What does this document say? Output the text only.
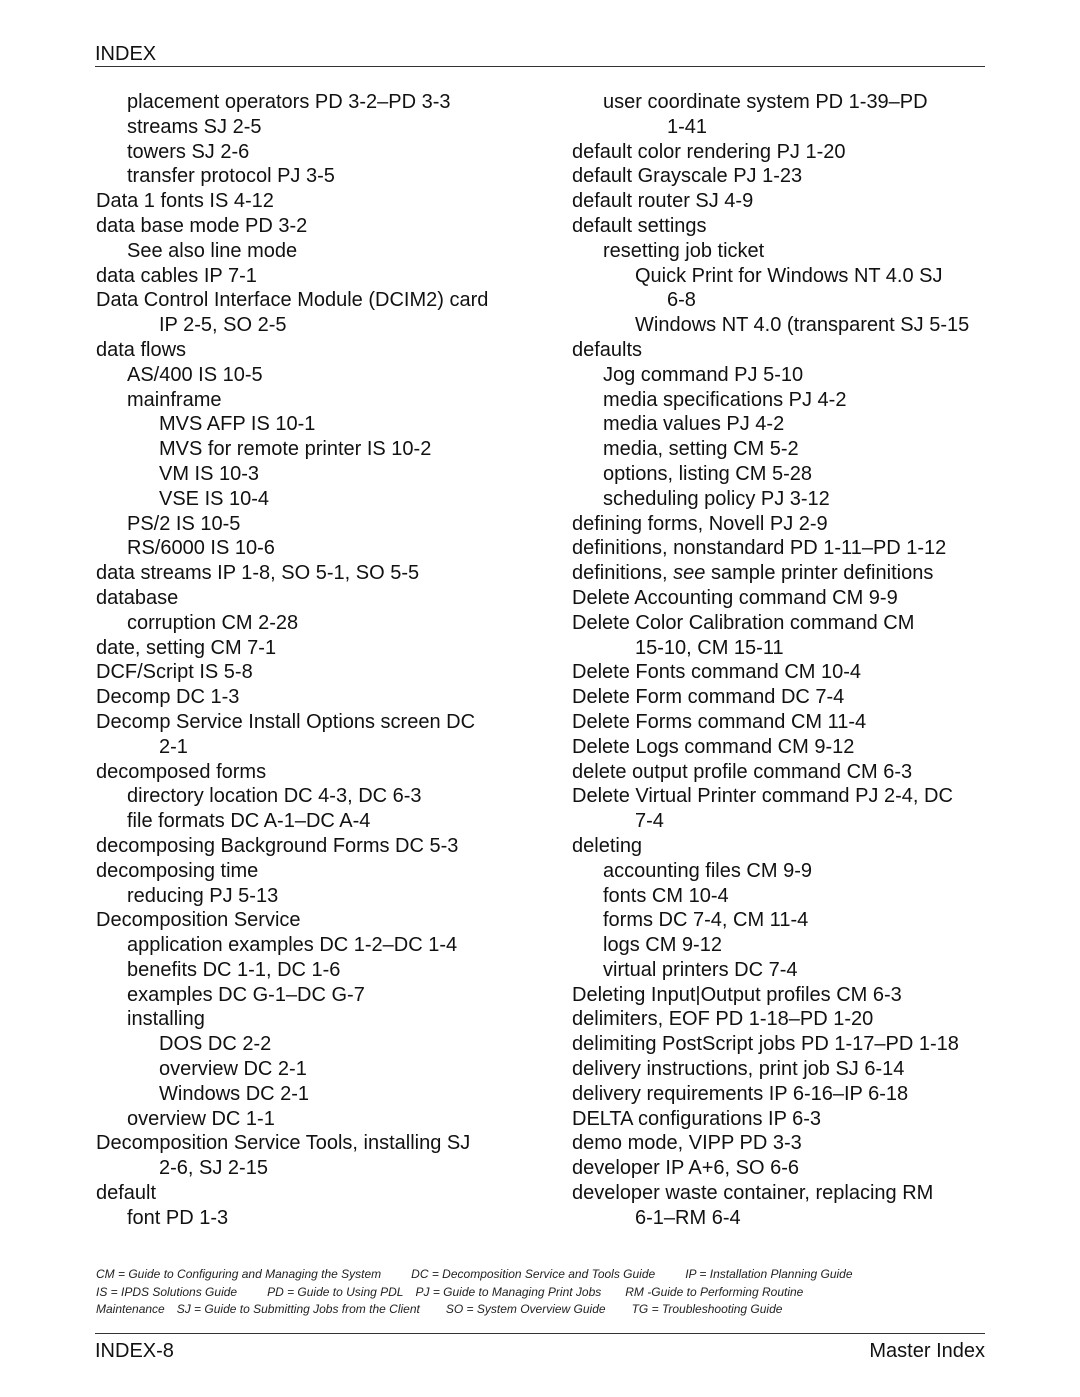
INDEX
placement operators PD 3-2–PD 3-3
streams SJ 2-5
towers SJ 2-6
transfer protocol PJ 3-5
Data 1 fonts IS 4-12
data base mode PD 3-2
See also line mode
data cables IP 7-1
Data Control Interface Module (DCIM2) card
IP 2-5, SO 2-5
data flows
AS/400 IS 10-5
mainframe
MVS AFP IS 10-1
MVS for remote printer IS 10-2
VM IS 10-3
VSE IS 10-4
PS/2 IS 10-5
RS/6000 IS 10-6
data streams IP 1-8, SO 5-1, SO 5-5
database
corruption CM 2-28
date, setting CM 7-1
DCF/Script IS 5-8
Decomp DC 1-3
Decomp Service Install Options screen DC
2-1
decomposed forms
directory location DC 4-3, DC 6-3
file formats DC A-1–DC A-4
decomposing Background Forms DC 5-3
decomposing time
reducing PJ 5-13
Decomposition Service
application examples DC 1-2–DC 1-4
benefits DC 1-1, DC 1-6
examples DC G-1–DC G-7
installing
DOS DC 2-2
overview DC 2-1
Windows DC 2-1
overview DC 1-1
Decomposition Service Tools, installing SJ
2-6, SJ 2-15
default
font PD 1-3
user coordinate system PD 1-39–PD
1-41
default color rendering PJ 1-20
default Grayscale PJ 1-23
default router SJ 4-9
default settings
resetting job ticket
Quick Print for Windows NT 4.0 SJ
6-8
Windows NT 4.0 (transparent SJ 5-15
defaults
Jog command PJ 5-10
media specifications PJ 4-2
media values PJ 4-2
media, setting CM 5-2
options, listing CM 5-28
scheduling policy PJ 3-12
defining forms, Novell PJ 2-9
definitions, nonstandard PD 1-11–PD 1-12
definitions, see sample printer definitions
Delete Accounting command CM 9-9
Delete Color Calibration command CM
15-10, CM 15-11
Delete Fonts command CM 10-4
Delete Form command DC 7-4
Delete Forms command CM 11-4
Delete Logs command CM 9-12
delete output profile command CM 6-3
Delete Virtual Printer command PJ 2-4, DC
7-4
deleting
accounting files CM 9-9
fonts CM 10-4
forms DC 7-4, CM 11-4
logs CM 9-12
virtual printers DC 7-4
Deleting Input|Output profiles CM 6-3
delimiters, EOF PD 1-18–PD 1-20
delimiting PostScript jobs PD 1-17–PD 1-18
delivery instructions, print job SJ 6-14
delivery requirements IP 6-16–IP 6-18
DELTA configurations IP 6-3
demo mode, VIPP PD 3-3
developer IP A+6, SO 6-6
developer waste container, replacing RM
6-1–RM 6-4
CM = Guide to Configuring and Managing the System	DC = Decomposition Service and Tools Guide	IP = Installation Planning Guide
IS = IPDS Solutions Guide	PD = Guide to Using PDL PJ = Guide to Managing Print Jobs RM -Guide to Performing Routine
Maintenance SJ = Guide to Submitting Jobs from the Client SO = System Overview Guide TG = Troubleshooting Guide
INDEX-8	Master Index
